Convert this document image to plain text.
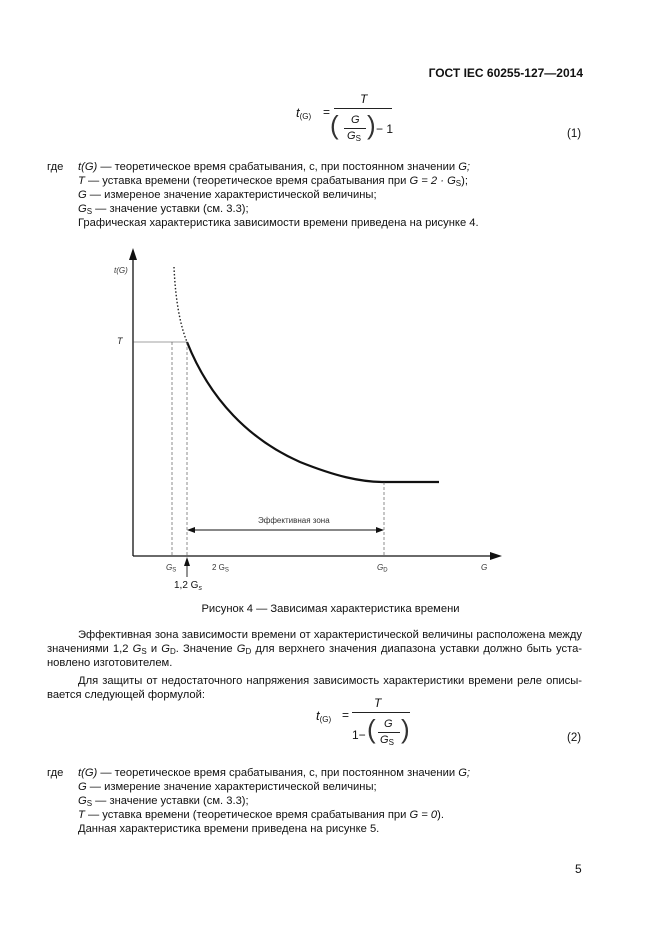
ГОСТ IEC 60255-127—2014
$t_{(G)}$ =
T
( G
$G_S$ ) − 1	(1)
где t(G) — теоретическое время срабатывания, с, при постоянном значении G;
T — уставка времени (теоретическое время срабатывания при $G = 2 \cdot G_S$);
G — измереное значение характеристической величины;
$G_S$ — значение уставки (см. 3.3);
Графическая характеристика зависимости времени приведена на рисунке 4.
t(G)
T
Эффективная зона
GS	2 GS	GD	G
1,2 $G_s$
Рисунок 4 — Зависимая характеристика времени
Эффективная зона зависимости времени от характеристической величины расположена между
значениями 1,2 $G_S$ и $G_D$. Значение $G_D$ для верхнего значения диапазона уставки должно быть уста-
новлено изготовителем.
Для защиты от недостаточного напряжения зависимость характеристики времени реле описы-
вается следующей формулой:
$t_{(G)}$ =
T
1− ( G
$G_S$ )	(2)
где t(G) — теоретическое время срабатывания, с, при постоянном значении G;
G — измерение значение характеристической величины;
$G_S$ — значение уставки (см. 3.3);
T — уставка времени (теоретическое время срабатывания при G = 0).
Данная характеристика времени приведена на рисунке 5.
5
